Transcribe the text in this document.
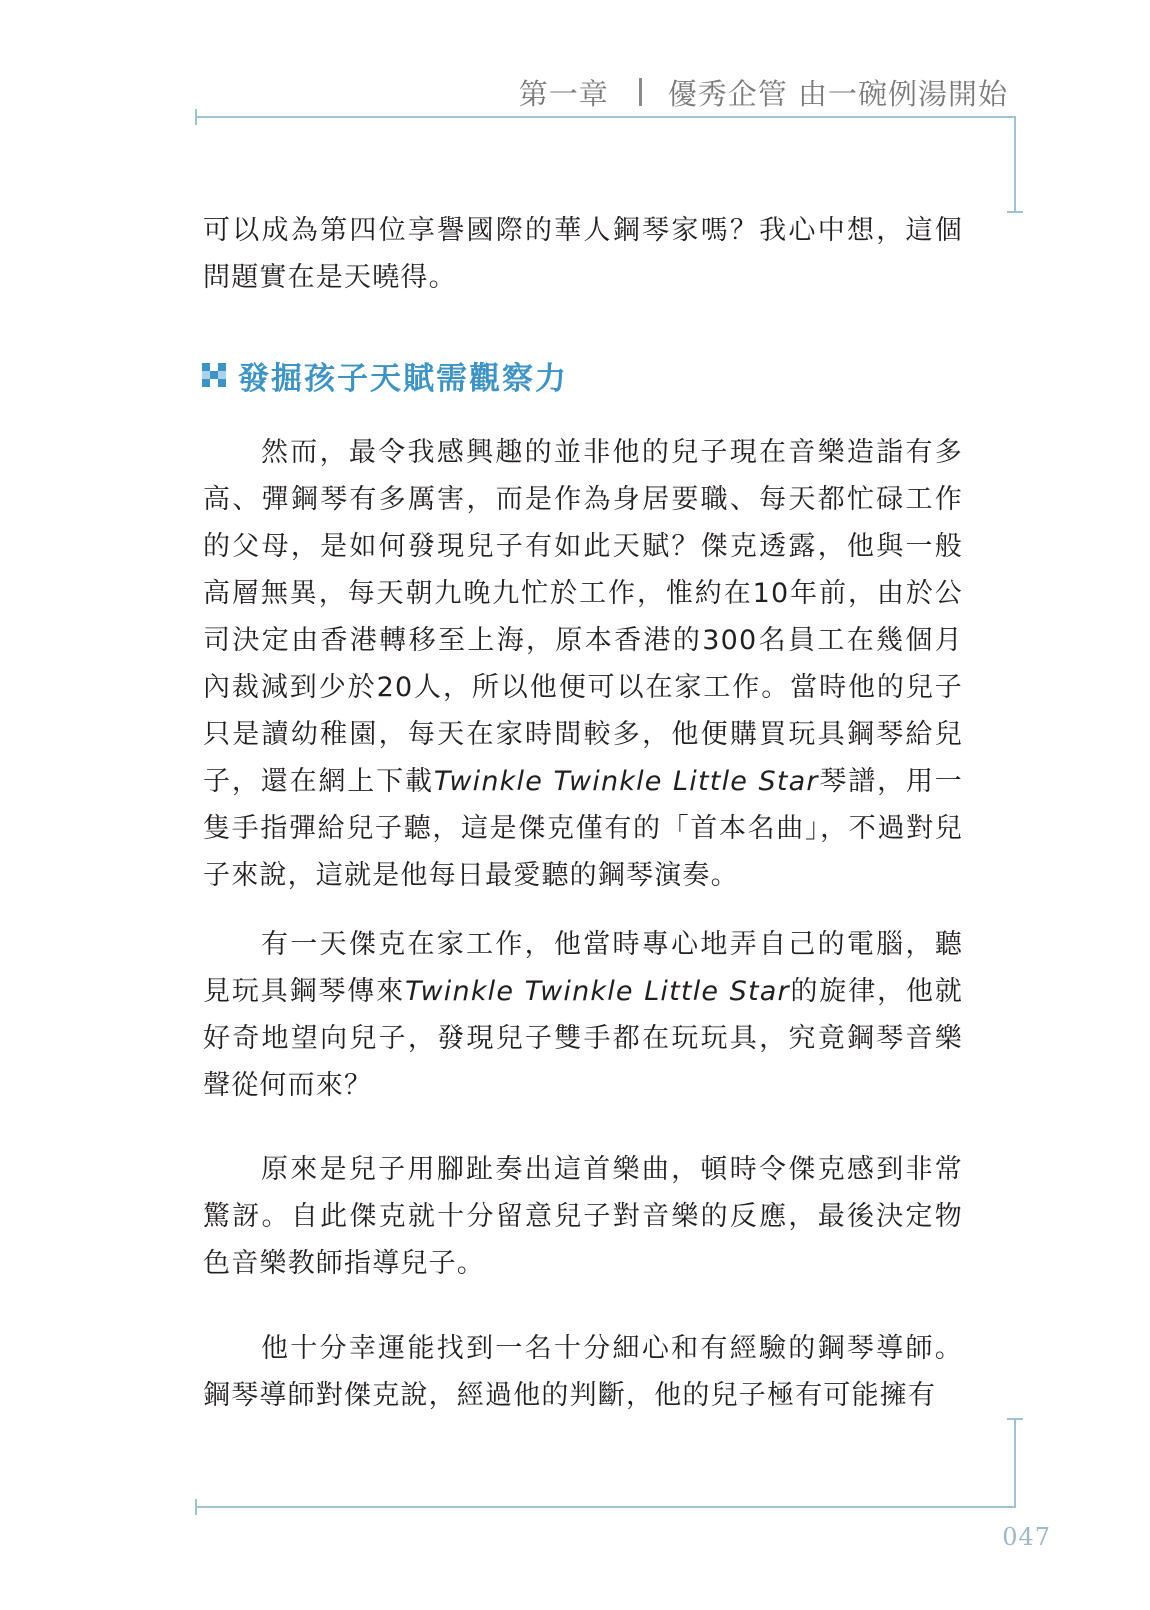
第一章 優秀企管 由一碗例湯開始

可以成為第四位享譽國際的華人鋼琴家嗎？我心中想，這個問題實在是天曉得。

發掘孩子天賦需觀察力

然而，最令我感興趣的並非他的兒子現在音樂造詣有多高、彈鋼琴有多厲害，而是作為身居要職、每天都忙碌工作的父母，是如何發現兒子有如此天賦？傑克透露，他與一般高層無異，每天朝九晚九忙於工作，惟約在10年前，由於公司決定由香港轉移至上海，原本香港的300名員工在幾個月內裁減到少於20人，所以他便可以在家工作。當時他的兒子只是讀幼稚園，每天在家時間較多，他便購買玩具鋼琴給兒子，還在網上下載Twinkle Twinkle Little Star琴譜，用一隻手指彈給兒子聽，這是傑克僅有的「首本名曲」，不過對兒子來說，這就是他每日最愛聽的鋼琴演奏。

有一天傑克在家工作，他當時專心地弄自己的電腦，聽見玩具鋼琴傳來Twinkle Twinkle Little Star的旋律，他就好奇地望向兒子，發現兒子雙手都在玩玩具，究竟鋼琴音樂聲從何而來？

原來是兒子用腳趾奏出這首樂曲，頓時令傑克感到非常驚訝。自此傑克就十分留意兒子對音樂的反應，最後決定物色音樂教師指導兒子。

他十分幸運能找到一名十分細心和有經驗的鋼琴導師。鋼琴導師對傑克說，經過他的判斷，他的兒子極有可能擁有

047
